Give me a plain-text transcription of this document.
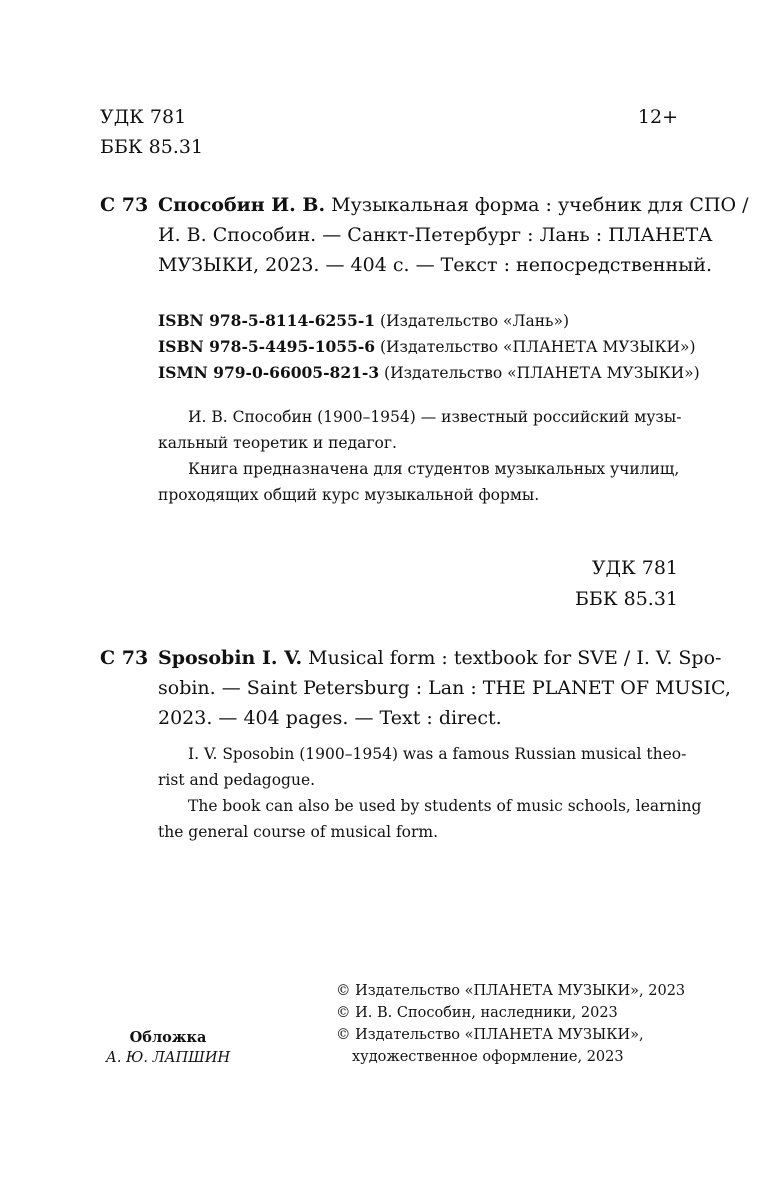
УДК 781
ББК 85.31
12+
С 73 Способин И. В. Музыкальная форма : учебник для СПО /
И. В. Способин. — Санкт-Петербург : Лань : ПЛАНЕТА
МУЗЫКИ, 2023. — 404 с. — Текст : непосредственный.
ISBN 978-5-8114-6255-1 (Издательство «Лань»)
ISBN 978-5-4495-1055-6 (Издательство «ПЛАНЕТА МУЗЫКИ»)
ISMN 979-0-66005-821-3 (Издательство «ПЛАНЕТА МУЗЫКИ»)
И. В. Способин (1900–1954) — известный российский музы-
кальный теоретик и педагог.
Книга предназначена для студентов музыкальных училищ,
проходящих общий курс музыкальной формы.
УДК 781
ББК 85.31
С 73 Sposobin I. V. Musical form : textbook for SVE / I. V. Spo-
sobin. — Saint Petersburg : Lan : THE PLANET OF MUSIC,
2023. — 404 pages. — Text : direct.
I. V. Sposobin (1900–1954) was a famous Russian musical theo-
rist and pedagogue.
The book can also be used by students of music schools, learning
the general course of musical form.
Обложка
А. Ю. ЛАПШИН
© Издательство «ПЛАНЕТА МУЗЫКИ», 2023
© И. В. Способин, наследники, 2023
© Издательство «ПЛАНЕТА МУЗЫКИ»,
художественное оформление, 2023
